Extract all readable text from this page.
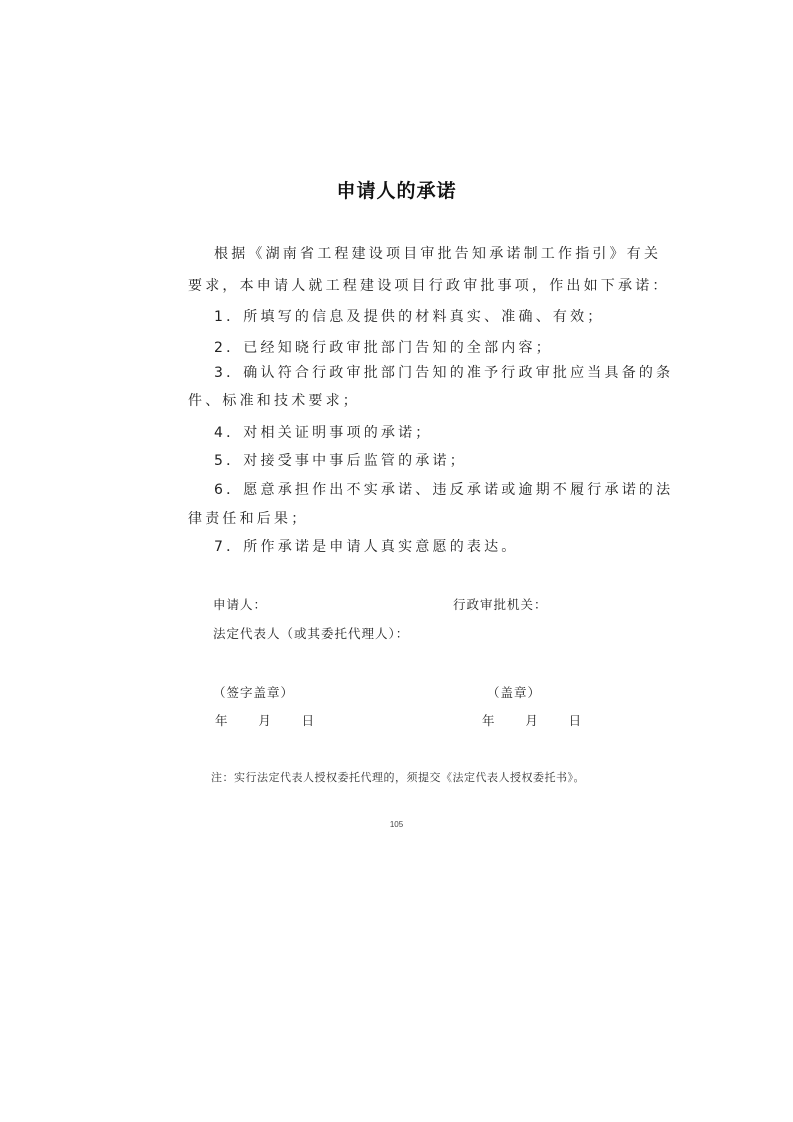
申请人的承诺
根据《湖南省工程建设项目审批告知承诺制工作指引》有关
要求，本申请人就工程建设项目行政审批事项，作出如下承诺：
1．所填写的信息及提供的材料真实、准确、有效；
2．已经知晓行政审批部门告知的全部内容；
3．确认符合行政审批部门告知的准予行政审批应当具备的条
件、标准和技术要求；
4．对相关证明事项的承诺；
5．对接受事中事后监管的承诺；
6．愿意承担作出不实承诺、违反承诺或逾期不履行承诺的法
律责任和后果；
7．所作承诺是申请人真实意愿的表达。
申请人：	行政审批机关：
法定代表人（或其委托代理人）：
（签字盖章）	（盖章）
年      月      日	年      月      日
注：实行法定代表人授权委托代理的，须提交《法定代表人授权委托书》。
105
